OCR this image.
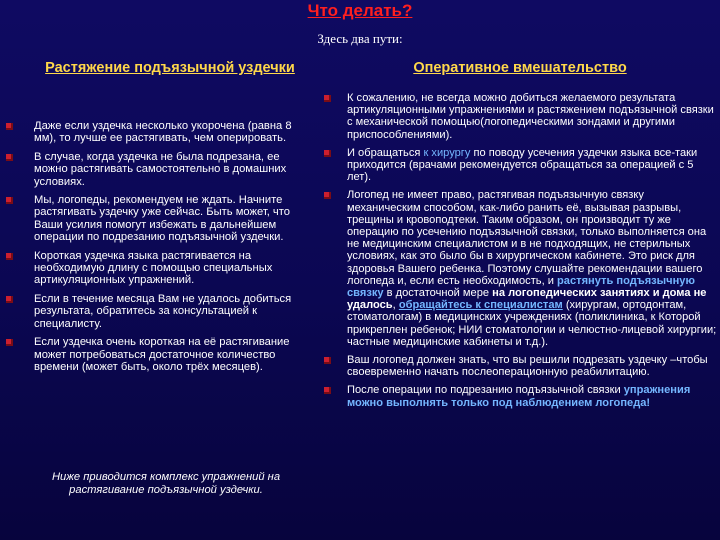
Что делать?
Здесь два пути:
Растяжение подъязычной уздечки	Оперативное вмешательство
Даже если уздечка несколько укорочена (равна 8 мм), то лучше ее растягивать, чем оперировать.
В случае, когда уздечка не была подрезана, ее можно растягивать самостоятельно в домашних условиях.
Мы, логопеды, рекомендуем не ждать. Начните растягивать уздечку уже сейчас. Быть может, что Ваши усилия помогут избежать в дальнейшем операции по подрезанию подъязычной уздечки.
Короткая уздечка языка растягивается на необходимую длину с помощью специальных артикуляционных упражнений.
Если в течение месяца Вам не удалось добиться результата, обратитесь за консультацией к специалисту.
Если уздечка очень короткая на её растягивание может потребоваться достаточное количество времени (может быть, около трёх месяцев).
Ниже приводится комплекс упражнений на растягивание подъязычной уздечки.
К сожалению, не всегда можно добиться желаемого результата артикуляционными упражнениями и растяжением подъязычной связки с механической помощью(логопедическими зондами и другими приспособлениями).
И обращаться к хирургу по поводу усечения уздечки языка все-таки приходится (врачами рекомендуется обращаться за операцией с 5 лет).
Логопед не имеет право, растягивая подъязычную связку механическим способом, как-либо ранить её, вызывая разрывы, трещины и кровоподтеки. Таким образом, он производит ту же операцию по усечению подъязычной связки, только выполняется она не медицинским специалистом и в не подходящих, не стерильных условиях, как это было бы в хирургическом кабинете. Это риск для здоровья Вашего ребенка. Поэтому слушайте рекомендации вашего логопеда и, если есть необходимость, и растянуть подъязычную связку в достаточной мере на логопедических занятиях и дома не удалось, обращайтесь к специалистам (хирургам, ортодонтам, стоматологам) в медицинских учреждениях (поликлиника, к Которой прикреплен ребенок; НИИ стоматологии и челюстно-лицевой хирургии; частные медицинские кабинеты и т.д.).
Ваш логопед должен знать, что вы решили подрезать уздечку –чтобы своевременно начать послеоперационную реабилитацию.
После операции по подрезанию подъязычной связки упражнения можно выполнять только под наблюдением логопеда!
